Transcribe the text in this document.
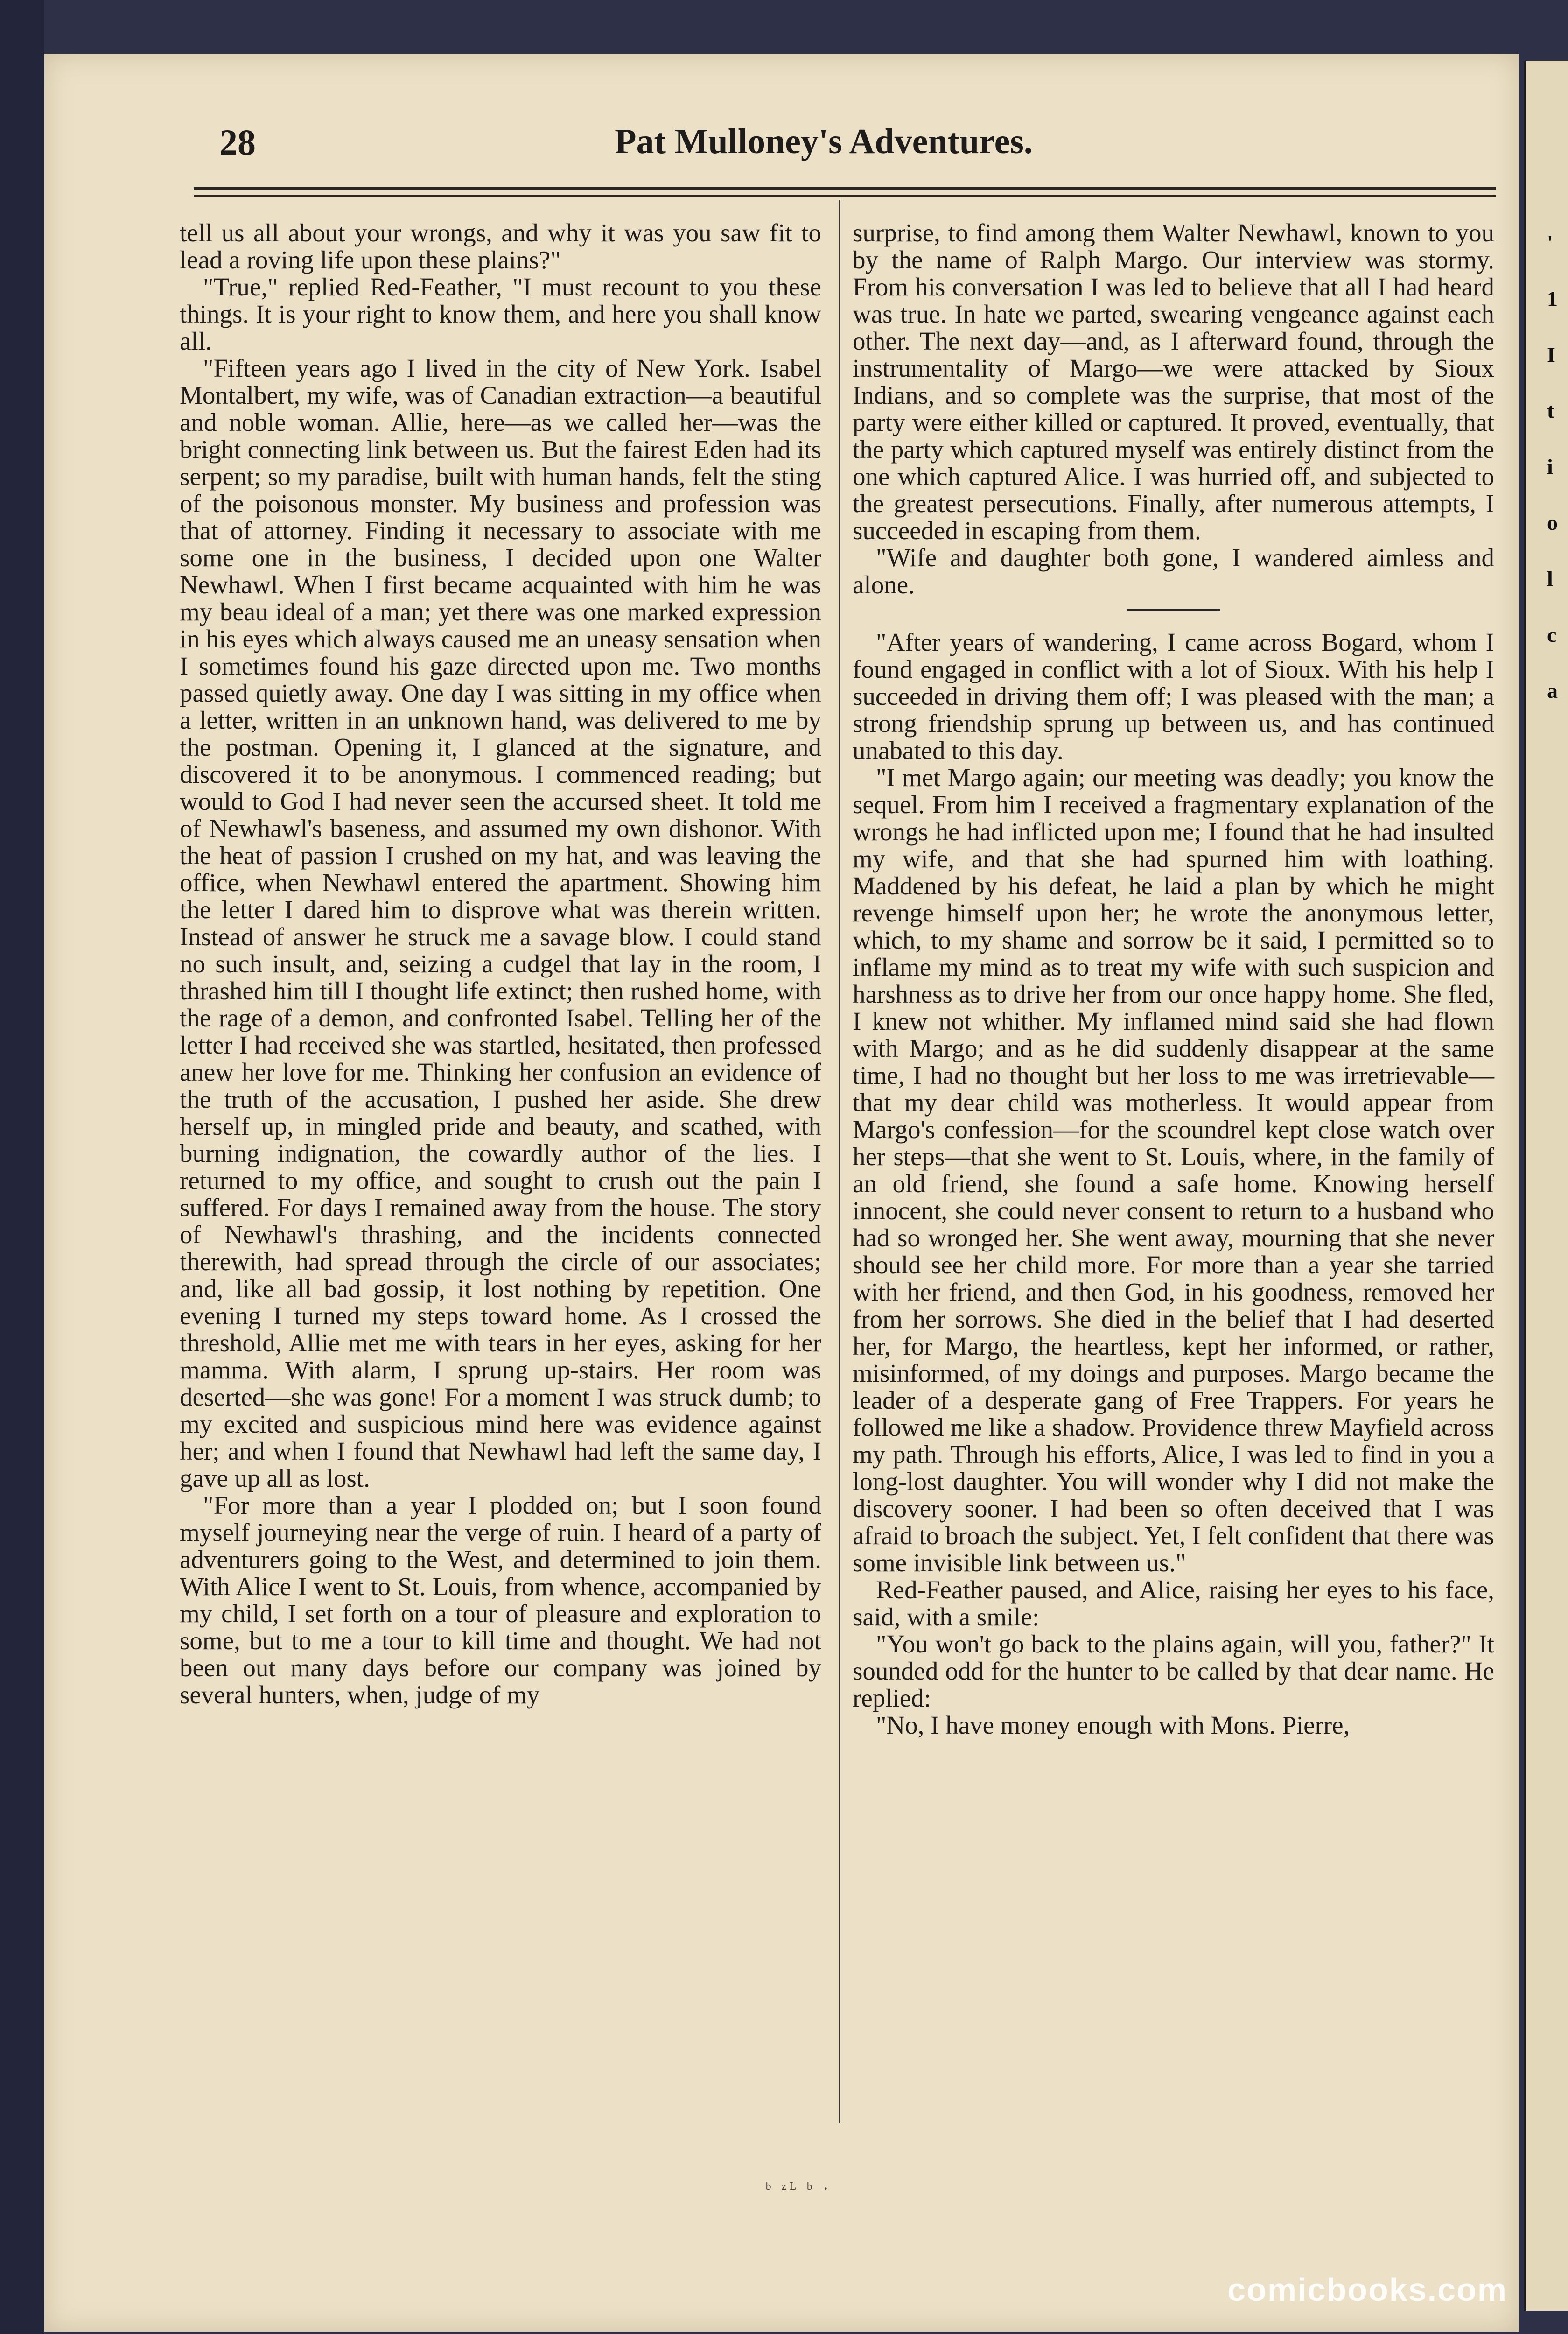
28	Pat Mulloney's Adventures.

tell us all about your wrongs, and why it was you saw fit to lead a roving life upon these plains?"

"True," replied Red-Feather, "I must recount to you these things. It is your right to know them, and here you shall know all.

"Fifteen years ago I lived in the city of New York. Isabel Montalbert, my wife, was of Canadian extraction—a beautiful and noble woman. Allie, here—as we called her—was the bright connecting link between us. But the fairest Eden had its serpent; so my paradise, built with human hands, felt the sting of the poisonous monster. My business and profession was that of attorney. Finding it necessary to associate with me some one in the business, I decided upon one Walter Newhawl. When I first became acquainted with him he was my beau ideal of a man; yet there was one marked expression in his eyes which always caused me an uneasy sensation when I sometimes found his gaze directed upon me. Two months passed quietly away. One day I was sitting in my office when a letter, written in an unknown hand, was delivered to me by the postman. Opening it, I glanced at the signature, and discovered it to be anonymous. I commenced reading; but would to God I had never seen the accursed sheet. It told me of Newhawl's baseness, and assumed my own dishonor. With the heat of passion I crushed on my hat, and was leaving the office, when Newhawl entered the apartment. Showing him the letter I dared him to disprove what was therein written. Instead of answer he struck me a savage blow. I could stand no such insult, and, seizing a cudgel that lay in the room, I thrashed him till I thought life extinct; then rushed home, with the rage of a demon, and confronted Isabel. Telling her of the letter I had received she was startled, hesitated, then professed anew her love for me. Thinking her confusion an evidence of the truth of the accusation, I pushed her aside. She drew herself up, in mingled pride and beauty, and scathed, with burning indignation, the cowardly author of the lies. I returned to my office, and sought to crush out the pain I suffered. For days I remained away from the house. The story of Newhawl's thrashing, and the incidents connected therewith, had spread through the circle of our associates; and, like all bad gossip, it lost nothing by repetition. One evening I turned my steps toward home. As I crossed the threshold, Allie met me with tears in her eyes, asking for her mamma. With alarm, I sprung up-stairs. Her room was deserted—she was gone! For a moment I was struck dumb; to my excited and suspicious mind here was evidence against her; and when I found that Newhawl had left the same day, I gave up all as lost.

"For more than a year I plodded on; but I soon found myself journeying near the verge of ruin. I heard of a party of adventurers going to the West, and determined to join them. With Alice I went to St. Louis, from whence, accompanied by my child, I set forth on a tour of pleasure and exploration to some, but to me a tour to kill time and thought. We had not been out many days before our company was joined by several hunters, when, judge of my

surprise, to find among them Walter Newhawl, known to you by the name of Ralph Margo. Our interview was stormy. From his conversation I was led to believe that all I had heard was true. In hate we parted, swearing vengeance against each other. The next day—and, as I afterward found, through the instrumentality of Margo—we were attacked by Sioux Indians, and so complete was the surprise, that most of the party were either killed or captured. It proved, eventually, that the party which captured myself was entirely distinct from the one which captured Alice. I was hurried off, and subjected to the greatest persecutions. Finally, after numerous attempts, I succeeded in escaping from them.

"Wife and daughter both gone, I wandered aimless and alone.

"After years of wandering, I came across Bogard, whom I found engaged in conflict with a lot of Sioux. With his help I succeeded in driving them off; I was pleased with the man; a strong friendship sprung up between us, and has continued unabated to this day.

"I met Margo again; our meeting was deadly; you know the sequel. From him I received a fragmentary explanation of the wrongs he had inflicted upon me; I found that he had insulted my wife, and that she had spurned him with loathing. Maddened by his defeat, he laid a plan by which he might revenge himself upon her; he wrote the anonymous letter, which, to my shame and sorrow be it said, I permitted so to inflame my mind as to treat my wife with such suspicion and harshness as to drive her from our once happy home. She fled, I knew not whither. My inflamed mind said she had flown with Margo; and as he did suddenly disappear at the same time, I had no thought but her loss to me was irretrievable—that my dear child was motherless. It would appear from Margo's confession—for the scoundrel kept close watch over her steps—that she went to St. Louis, where, in the family of an old friend, she found a safe home. Knowing herself innocent, she could never consent to return to a husband who had so wronged her. She went away, mourning that she never should see her child more. For more than a year she tarried with her friend, and then God, in his goodness, removed her from her sorrows. She died in the belief that I had deserted her, for Margo, the heartless, kept her informed, or rather, misinformed, of my doings and purposes. Margo became the leader of a desperate gang of Free Trappers. For years he followed me like a shadow. Providence threw Mayfield across my path. Through his efforts, Alice, I was led to find in you a long-lost daughter. You will wonder why I did not make the discovery sooner. I had been so often deceived that I was afraid to broach the subject. Yet, I felt confident that there was some invisible link between us."

Red-Feather paused, and Alice, raising her eyes to his face, said, with a smile:

"You won't go back to the plains again, will you, father?" It sounded odd for the hunter to be called by that dear name. He replied:

"No, I have money enough with Mons. Pierre,

ᵇ ᶻᴸ ᵇ ·
'
1
I
t
i
o
l
c
a
comicbooks.com
